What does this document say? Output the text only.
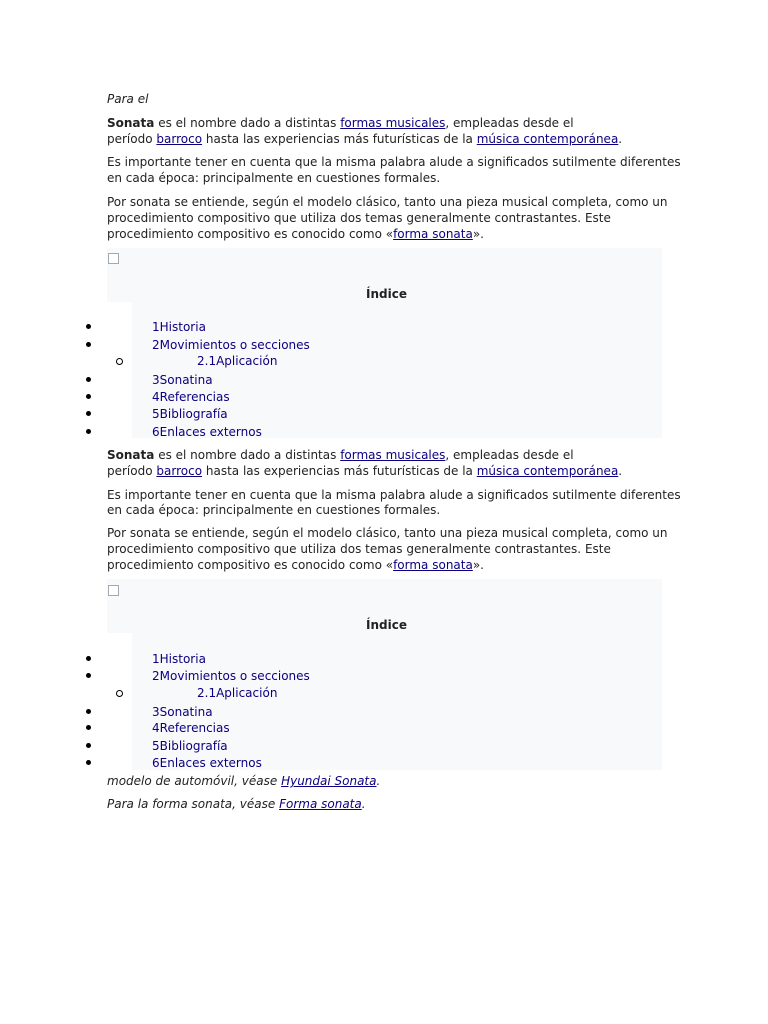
Para el
Sonata es el nombre dado a distintas formas musicales, empleadas desde el
período barroco hasta las experiencias más futurísticas de la música contemporánea.
Es importante tener en cuenta que la misma palabra alude a significados sutilmente diferentes
en cada época: principalmente en cuestiones formales.
Por sonata se entiende, según el modelo clásico, tanto una pieza musical completa, como un
procedimiento compositivo que utiliza dos temas generalmente contrastantes. Este
procedimiento compositivo es conocido como «forma sonata».
Índice
1Historia
2Movimientos o secciones
2.1Aplicación
3Sonatina
4Referencias
5Bibliografía
6Enlaces externos
Sonata es el nombre dado a distintas formas musicales, empleadas desde el
período barroco hasta las experiencias más futurísticas de la música contemporánea.
Es importante tener en cuenta que la misma palabra alude a significados sutilmente diferentes
en cada época: principalmente en cuestiones formales.
Por sonata se entiende, según el modelo clásico, tanto una pieza musical completa, como un
procedimiento compositivo que utiliza dos temas generalmente contrastantes. Este
procedimiento compositivo es conocido como «forma sonata».
Índice
1Historia
2Movimientos o secciones
2.1Aplicación
3Sonatina
4Referencias
5Bibliografía
6Enlaces externos
modelo de automóvil, véase Hyundai Sonata.
Para la forma sonata, véase Forma sonata.
